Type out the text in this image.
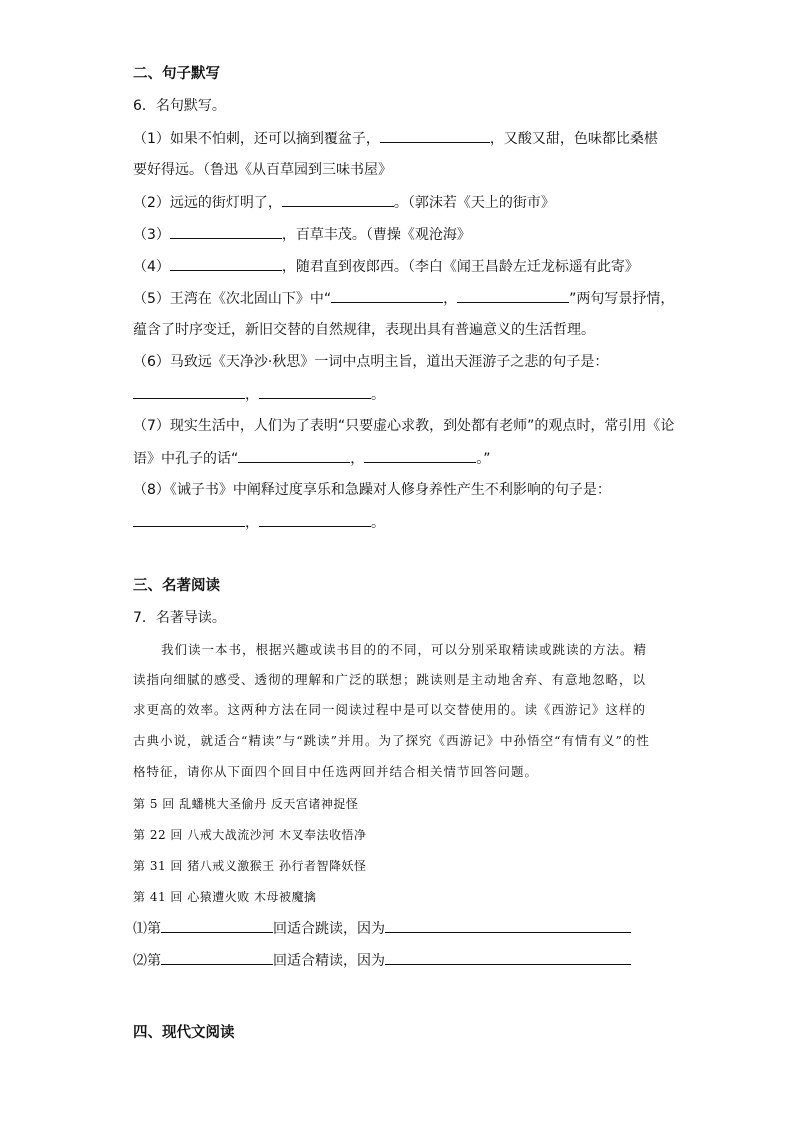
二、句子默写
6．名句默写。
（1）如果不怕刺，还可以摘到覆盆子，	，又酸又甜，色味都比桑椹
要好得远。（鲁迅《从百草园到三味书屋》
（2）远远的街灯明了，	。（郭沫若《天上的街市》
（3）	，百草丰茂。（曹操《观沧海》
（4）	，随君直到夜郎西。（李白《闻王昌龄左迁龙标遥有此寄》
（5）王湾在《次北固山下》中“	，	”两句写景抒情，
蕴含了时序变迁，新旧交替的自然规律，表现出具有普遍意义的生活哲理。
（6）马致远《天净沙·秋思》一词中点明主旨，道出天涯游子之悲的句子是：
，	。
（7）现实生活中，人们为了表明“只要虚心求教，到处都有老师”的观点时，常引用《论
语》中孔子的话“	，	。”
（8）《诫子书》中阐释过度享乐和急躁对人修身养性产生不利影响的句子是：
，	。
三、名著阅读
7．名著导读。
我们读一本书，根据兴趣或读书目的的不同，可以分别采取精读或跳读的方法。精
读指向细腻的感受、透彻的理解和广泛的联想；跳读则是主动地舍弃、有意地忽略，以
求更高的效率。这两种方法在同一阅读过程中是可以交替使用的。读《西游记》这样的
古典小说，就适合“精读”与“跳读”并用。为了探究《西游记》中孙悟空“有情有义”的性
格特征，请你从下面四个回目中任选两回并结合相关情节回答问题。
第 5 回 乱蟠桃大圣偷丹 反天宫诸神捉怪
第 22 回 八戒大战流沙河 木叉奉法收悟净
第 31 回 猪八戒义激猴王 孙行者智降妖怪
第 41 回 心猿遭火败 木母被魔擒
⑴第	回适合跳读，因为
⑵第	回适合精读，因为
四、现代文阅读
